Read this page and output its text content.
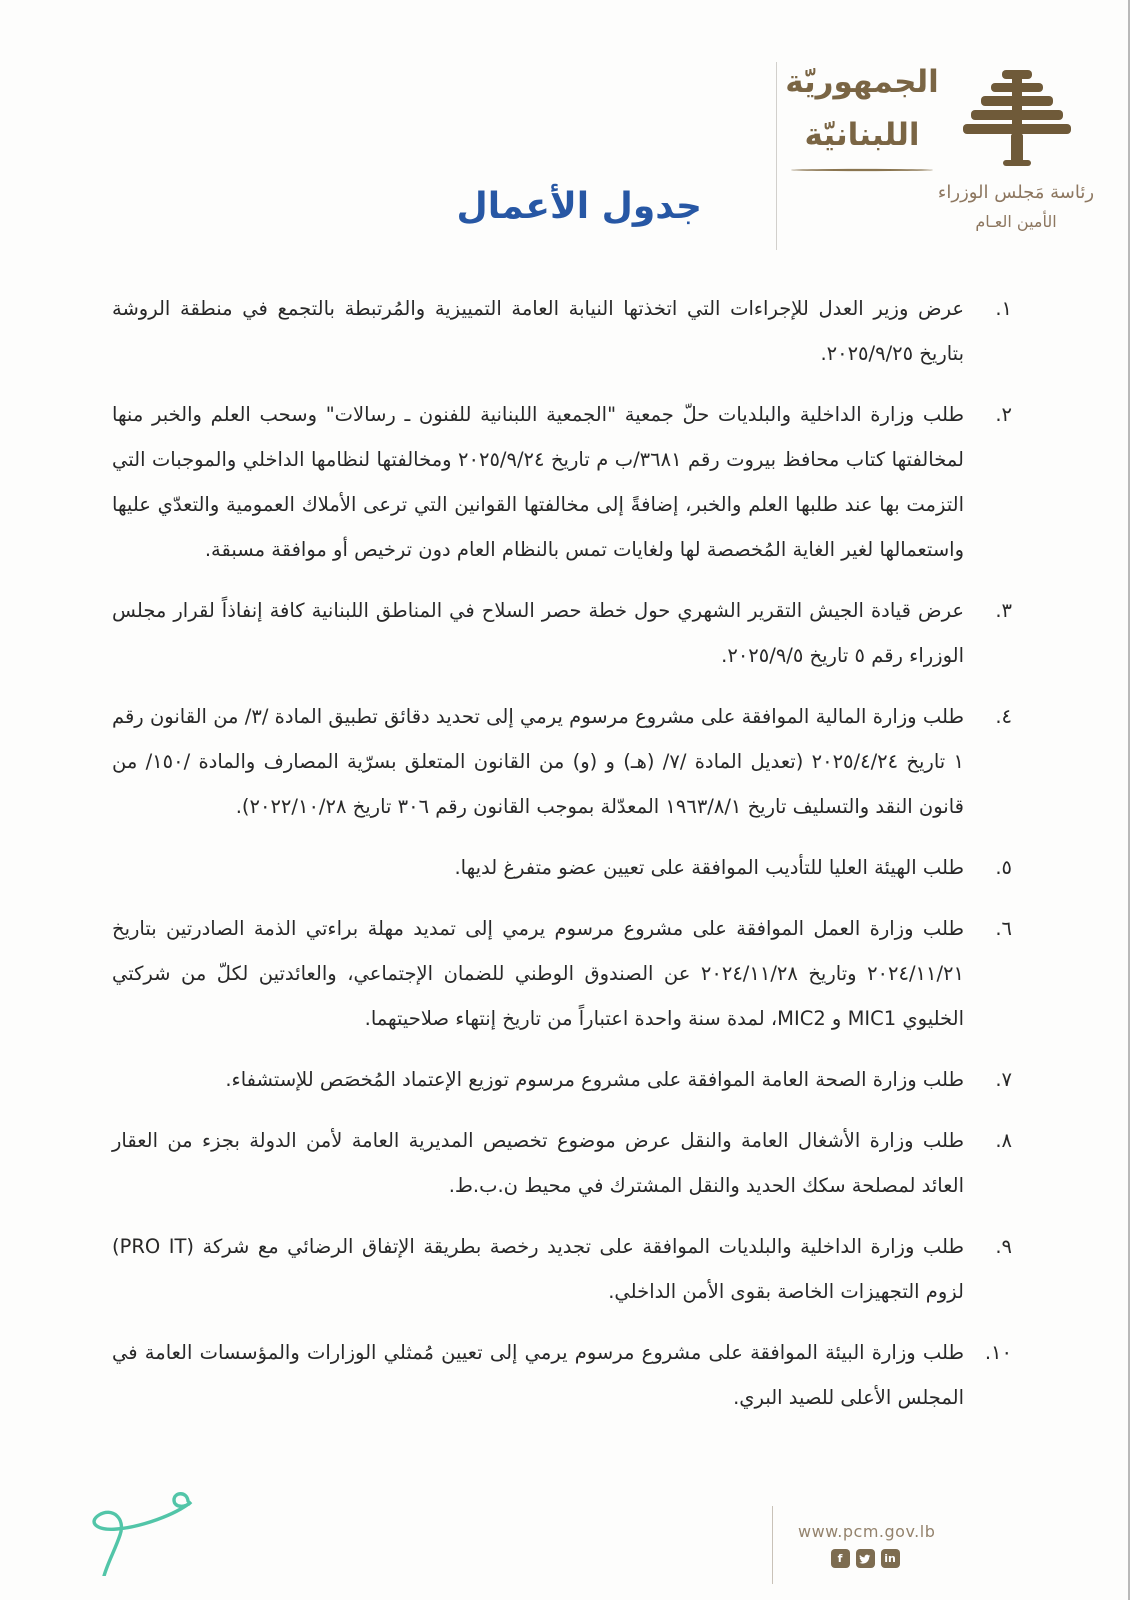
الجمهوريّة
اللبنانيّة
رئاسة مَجلس الوزراء
الأمين العـام
جدول الأعمال
١.
عرض وزير العدل للإجراءات التي اتخذتها النيابة العامة التمييزية والمُرتبطة بالتجمع في منطقة الروشة بتاريخ ٢٠٢٥/٩/٢٥.
٢.
طلب وزارة الداخلية والبلديات حلّ جمعية "الجمعية اللبنانية للفنون ـ رسالات" وسحب العلم والخبر منها لمخالفتها كتاب محافظ بيروت رقم ٣٦٨١/ب م تاريخ ٢٠٢٥/٩/٢٤ ومخالفتها لنظامها الداخلي والموجبات التي التزمت بها عند طلبها العلم والخبر، إضافةً إلى مخالفتها القوانين التي ترعى الأملاك العمومية والتعدّي عليها واستعمالها لغير الغاية المُخصصة لها ولغايات تمس بالنظام العام دون ترخيص أو موافقة مسبقة.
٣.
عرض قيادة الجيش التقرير الشهري حول خطة حصر السلاح في المناطق اللبنانية كافة إنفاذاً لقرار مجلس الوزراء رقم ٥ تاريخ ٢٠٢٥/٩/٥.
٤.
طلب وزارة المالية الموافقة على مشروع مرسوم يرمي إلى تحديد دقائق تطبيق المادة /٣/ من القانون رقم ١ تاريخ ٢٠٢٥/٤/٢٤ (تعديل المادة /٧/ (هـ) و (و) من القانون المتعلق بسرّية المصارف والمادة /١٥٠/ من قانون النقد والتسليف تاريخ ١٩٦٣/٨/١ المعدّلة بموجب القانون رقم ٣٠٦ تاريخ ٢٠٢٢/١٠/٢٨).
٥.
طلب الهيئة العليا للتأديب الموافقة على تعيين عضو متفرغ لديها.
٦.
طلب وزارة العمل الموافقة على مشروع مرسوم يرمي إلى تمديد مهلة براءتي الذمة الصادرتين بتاريخ ٢٠٢٤/١١/٢١ وتاريخ ٢٠٢٤/١١/٢٨ عن الصندوق الوطني للضمان الإجتماعي، والعائدتين لكلّ من شركتي الخليوي MIC1 و MIC2، لمدة سنة واحدة اعتباراً من تاريخ إنتهاء صلاحيتهما.
٧.
طلب وزارة الصحة العامة الموافقة على مشروع مرسوم توزيع الإعتماد المُخصَص للإستشفاء.
٨.
طلب وزارة الأشغال العامة والنقل عرض موضوع تخصيص المديرية العامة لأمن الدولة بجزء من العقار العائد لمصلحة سكك الحديد والنقل المشترك في محيط ن.ب.ط.
٩.
طلب وزارة الداخلية والبلديات الموافقة على تجديد رخصة بطريقة الإتفاق الرضائي مع شركة (PRO IT) لزوم التجهيزات الخاصة بقوى الأمن الداخلي.
١٠.
طلب وزارة البيئة الموافقة على مشروع مرسوم يرمي إلى تعيين مُمثلي الوزارات والمؤسسات العامة في المجلس الأعلى للصيد البري.
www.pcm.gov.lb
f	in
